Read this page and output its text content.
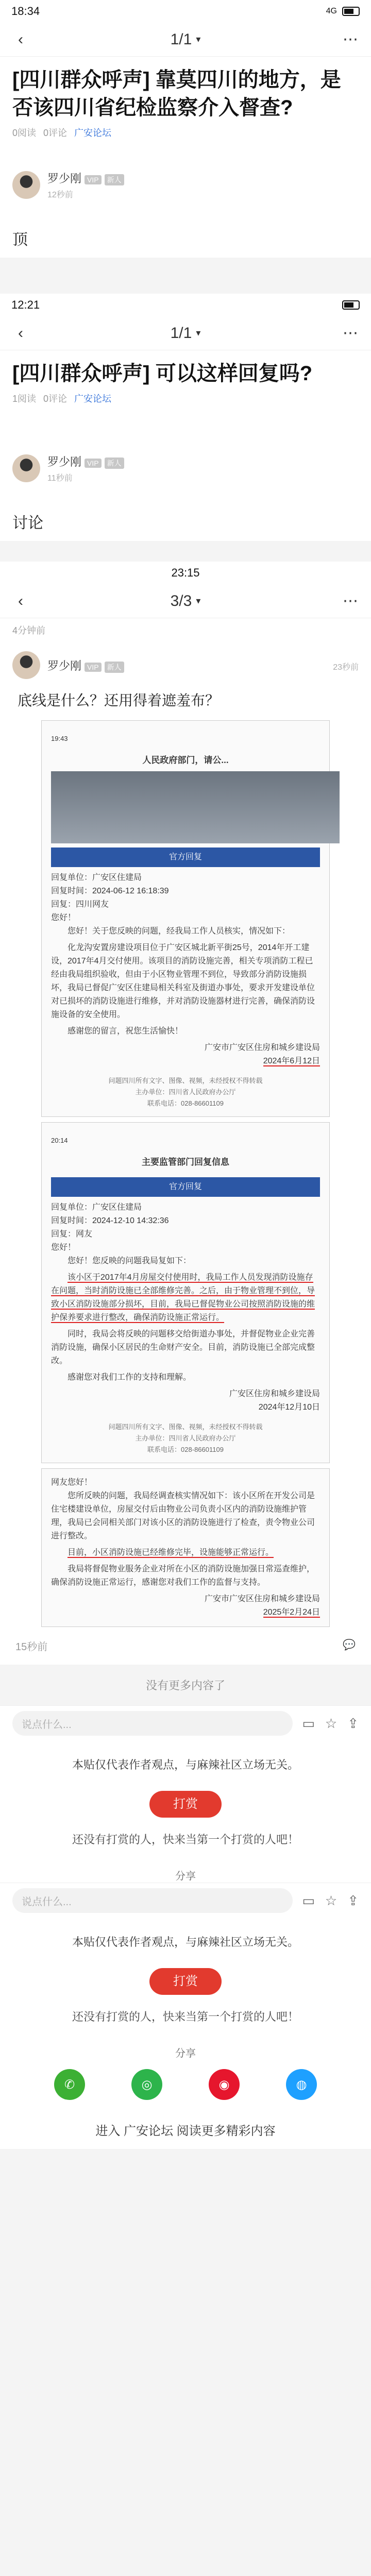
18:34	4G
‹	1/1 ▾	⋯
[四川群众呼声] 靠莫四川的地方，是否该四川省纪检监察介入督查?
0阅读 0评论 广安论坛
罗少刚 VIP 新人
12秒前
顶
12:21
‹	1/1 ▾	⋯
[四川群众呼声] 可以这样回复吗?
1阅读 0评论 广安论坛
罗少刚 VIP 新人
11秒前
讨论
23:15
‹	3/3 ▾	⋯
4分钟前
罗少刚 VIP 新人	23秒前
底线是什么？还用得着遮羞布？
19:43
人民政府部门，请公...
官方回复
回复单位：广安区住建局
回复时间：2024-06-12 16:18:39
回复：四川网友
您好！

您好！关于您反映的问题，经我局工作人员核实，情况如下：

化龙沟安置房建设项目位于广安区城北新平街25号，2014年开工建设，2017年4月交付使用。该项目的消防设施完善，相关专项消防工程已经由我局组织验收，但由于小区物业管理不到位，导致部分消防设施损坏，我局已督促广安区住建局相关科室及街道办事处，要求开发建设单位对已损坏的消防设施进行维修，并对消防设施器材进行完善，确保消防设施设备的安全使用。

感谢您的留言，祝您生活愉快！

广安市广安区住房和城乡建设局
2024年6月12日
问题四川所有文字、图像、视频，未经授权不得转载
主办单位：四川省人民政府办公厅
联系电话：028-86601109
20:14
主要监管部门回复信息
官方回复
回复单位：广安区住建局
回复时间：2024-12-10 14:32:36
回复：网友
您好！

您好！您反映的问题我局复如下：

该小区于2017年4月房屋交付使用时，我局工作人员发现消防设施存在问题，当时消防设施已全部维修完善。之后，由于物业管理不到位，导致小区消防设施部分损坏，目前，我局已督促物业公司按照消防设施的维护保养要求进行整改，确保消防设施正常运行。

同时，我局会将反映的问题移交给街道办事处，并督促物业企业完善消防设施，确保小区居民的生命财产安全。目前，消防设施已全部完成整改。

感谢您对我们工作的支持和理解。

广安区住房和城乡建设局
2024年12月10日
问题四川所有文字、图像、视频，未经授权不得转载
主办单位：四川省人民政府办公厅
联系电话：028-86601109
网友您好！

您所反映的问题，我局经调查核实情况如下：该小区所在开发公司是住宅楼建设单位，房屋交付后由物业公司负责小区内的消防设施维护管理，我局已会同相关部门对该小区的消防设施进行了检查，责令物业公司进行整改。

目前，小区消防设施已经维修完毕，设施能够正常运行。

我局将督促物业服务企业对所在小区的消防设施加强日常巡查维护，确保消防设施正常运行，感谢您对我们工作的监督与支持。

广安市广安区住房和城乡建设局
2025年2月24日
15秒前	💬
没有更多内容了
说点什么...	▭ ☆ ⇪
本贴仅代表作者观点，与麻辣社区立场无关。
打赏
还没有打赏的人，快来当第一个打赏的人吧！
分享
说点什么...	▭ ☆ ⇪
本贴仅代表作者观点，与麻辣社区立场无关。
打赏
还没有打赏的人，快来当第一个打赏的人吧！
分享
✆	◎	◉	◍
进入 广安论坛 阅读更多精彩内容
